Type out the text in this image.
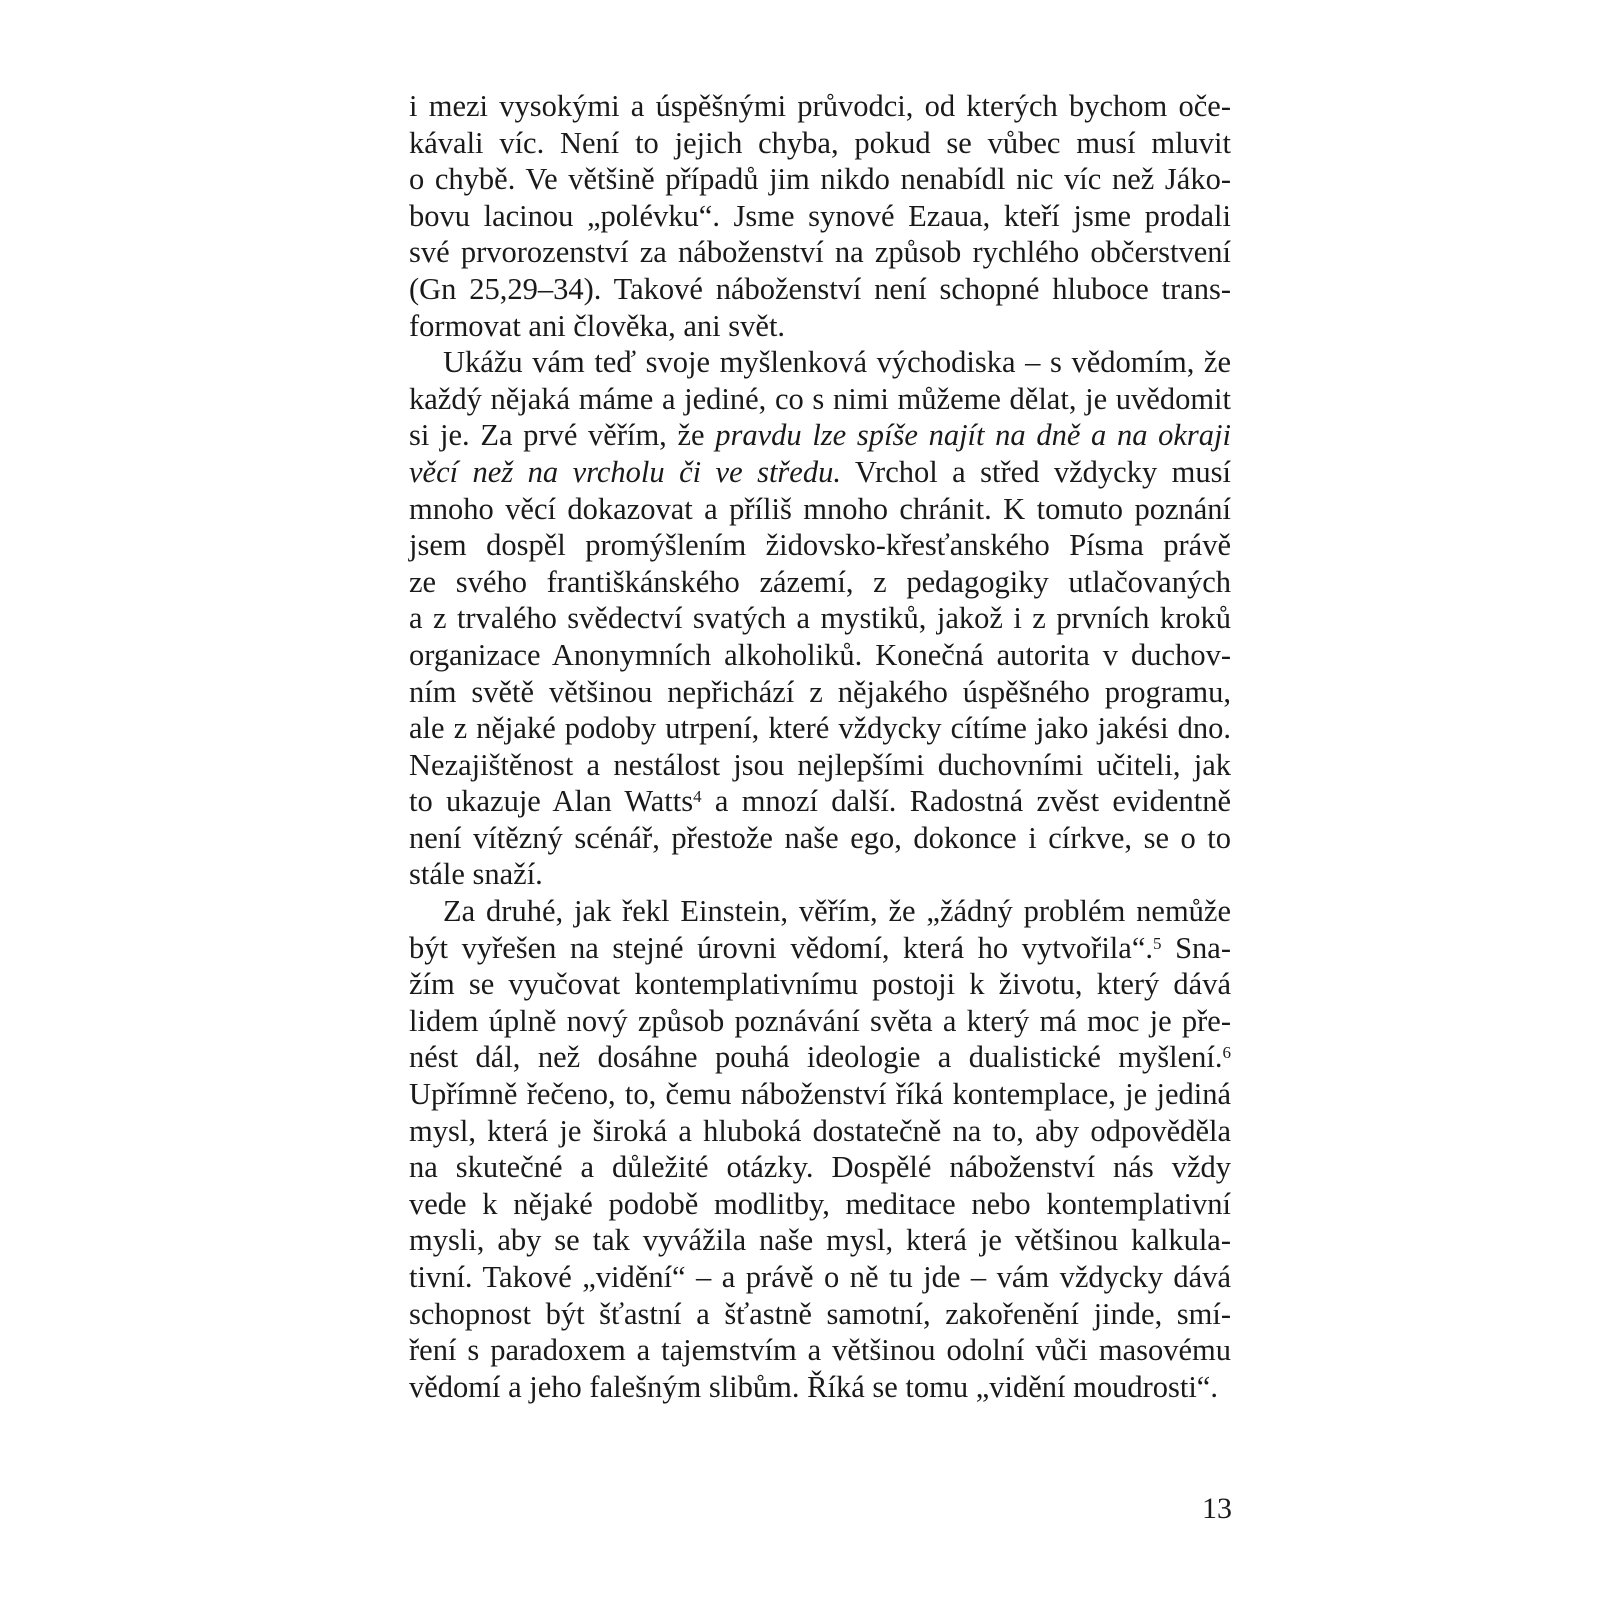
i mezi vysokými a úspěšnými průvodci, od kterých bychom oče-
kávali víc. Není to jejich chyba, pokud se vůbec musí mluvit
o chybě. Ve většině případů jim nikdo nenabídl nic víc než Jáko-
bovu lacinou „polévku“. Jsme synové Ezaua, kteří jsme prodali
své prvorozenství za náboženství na způsob rychlého občerstvení
(Gn 25,29–34). Takové náboženství není schopné hluboce trans-
formovat ani člověka, ani svět.
Ukážu vám teď svoje myšlenková východiska – s vědomím, že
každý nějaká máme a jediné, co s nimi můžeme dělat, je uvědomit
si je. Za prvé věřím, že pravdu lze spíše najít na dně a na okraji
věcí než na vrcholu či ve středu. Vrchol a střed vždycky musí
mnoho věcí dokazovat a příliš mnoho chránit. K tomuto poznání
jsem dospěl promýšlením židovsko-křesťanského Písma právě
ze svého františkánského zázemí, z pedagogiky utlačovaných
a z trvalého svědectví svatých a mystiků, jakož i z prvních kroků
organizace Anonymních alkoholiků. Konečná autorita v duchov-
ním světě většinou nepřichází z nějakého úspěšného programu,
ale z nějaké podoby utrpení, které vždycky cítíme jako jakési dno.
Nezajištěnost a nestálost jsou nejlepšími duchovními učiteli, jak
to ukazuje Alan Watts$^4$ a mnozí další. Radostná zvěst evidentně
není vítězný scénář, přestože naše ego, dokonce i církve, se o to
stále snaží.
Za druhé, jak řekl Einstein, věřím, že „žádný problém nemůže
být vyřešen na stejné úrovni vědomí, která ho vytvořila“.$^5$ Sna-
žím se vyučovat kontemplativnímu postoji k životu, který dává
lidem úplně nový způsob poznávání světa a který má moc je pře-
nést dál, než dosáhne pouhá ideologie a dualistické myšlení.$^6$
Upřímně řečeno, to, čemu náboženství říká kontemplace, je jediná
mysl, která je široká a hluboká dostatečně na to, aby odpověděla
na skutečné a důležité otázky. Dospělé náboženství nás vždy
vede k nějaké podobě modlitby, meditace nebo kontemplativní
mysli, aby se tak vyvážila naše mysl, která je většinou kalkula-
tivní. Takové „vidění“ – a právě o ně tu jde – vám vždycky dává
schopnost být šťastní a šťastně samotní, zakořenění jinde, smí-
ření s paradoxem a tajemstvím a většinou odolní vůči masovému
vědomí a jeho falešným slibům. Říká se tomu „vidění moudrosti“.
13
